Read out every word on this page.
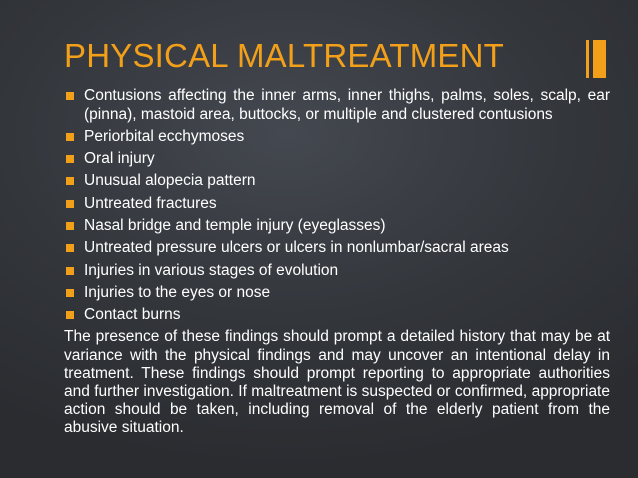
PHYSICAL MALTREATMENT
Contusions affecting the inner arms, inner thighs, palms, soles, scalp, ear (pinna), mastoid area, buttocks, or multiple and clustered contusions
Periorbital ecchymoses
Oral injury
Unusual alopecia pattern
Untreated fractures
Nasal bridge and temple injury (eyeglasses)
Untreated pressure ulcers or ulcers in nonlumbar/sacral areas
Injuries in various stages of evolution
Injuries to the eyes or nose
Contact burns

The presence of these findings should prompt a detailed history that may be at variance with the physical findings and may uncover an intentional delay in treatment. These findings should prompt reporting to appropriate authorities and further investigation. If maltreatment is suspected or confirmed, appropriate action should be taken, including removal of the elderly patient from the abusive situation.
